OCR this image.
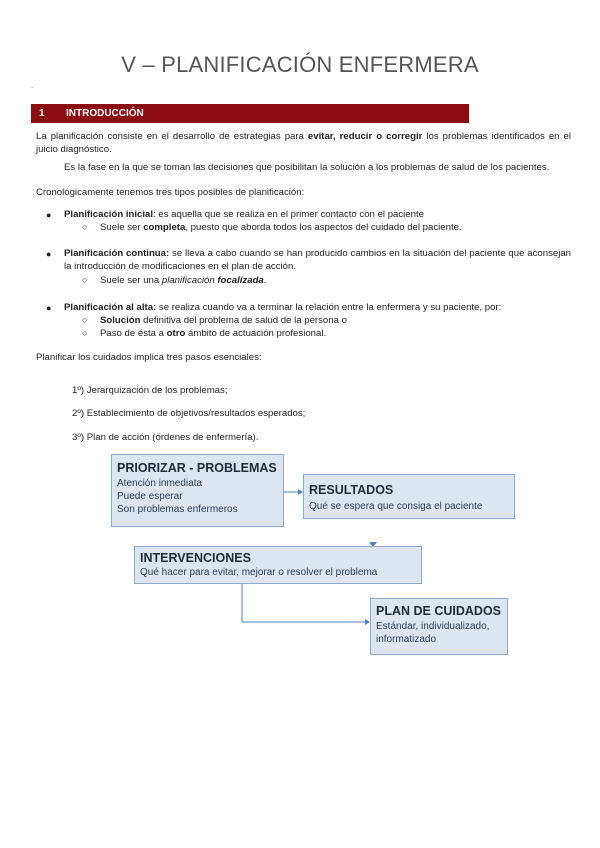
V – PLANIFICACIÓN ENFERMERA
.
1 INTRODUCCIÓN
La planificación consiste en el desarrollo de estrategias para evitar, reducir o corregir los problemas identificados en el juicio diagnóstico.
Es la fase en la que se toman las decisiones que posibilitan la solución a los problemas de salud de los pacientes.
Cronológicamente tenemos tres tipos posibles de planificación:
● Planificación inicial: es aquella que se realiza en el primer contacto con el paciente
○ Suele ser completa, puesto que aborda todos los aspectos del cuidado del paciente.
● Planificación continua: se lleva a cabo cuando se han producido cambios en la situación del paciente que aconsejan la introducción de modificaciones en el plan de acción.
○ Suele ser una planificación focalizada.
● Planificación al alta: se realiza cuando va a terminar la relación entre la enfermera y su paciente, por:
○ Solución definitiva del problema de salud de la persona o
○ Paso de ésta a otro ámbito de actuación profesional.
Planificar los cuidados implica tres pasos esenciales:
1º) Jerarquización de los problemas;
2º) Establecimiento de objetivos/resultados esperados;
3º) Plan de acción (órdenes de enfermería).
PRIORIZAR - PROBLEMAS
Atención inmediata
Puede esperar
Son problemas enfermeros
RESULTADOS
Qué se espera que consiga el paciente
INTERVENCIONES
Qué hacer para evitar, mejorar o resolver el problema
PLAN DE CUIDADOS
Estándar, individualizado,
informatizado
